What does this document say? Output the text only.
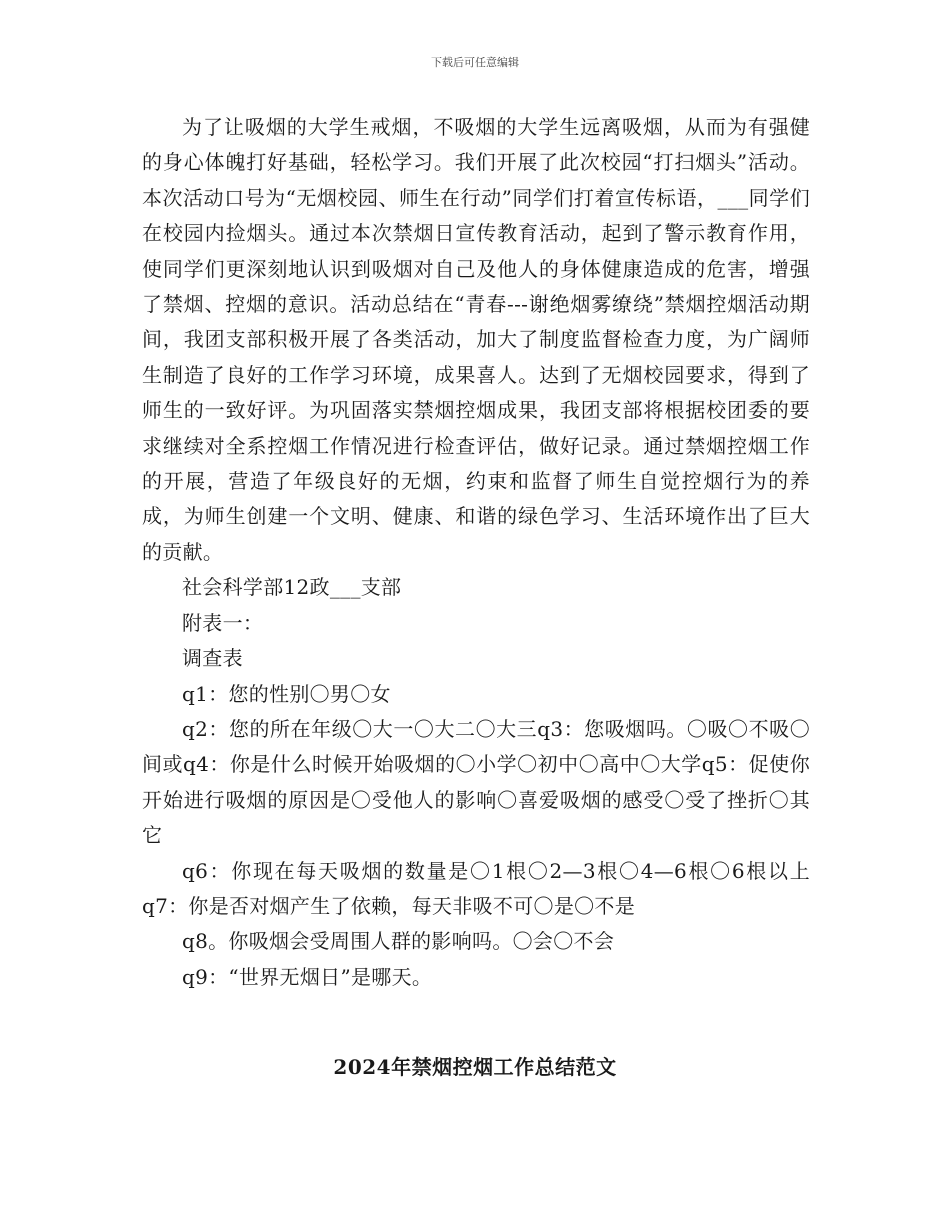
下载后可任意编辑

为了让吸烟的大学生戒烟，不吸烟的大学生远离吸烟，从而为有强健的身心体魄打好基础，轻松学习。我们开展了此次校园“打扫烟头”活动。本次活动口号为“无烟校园、师生在行动”同学们打着宣传标语，___同学们在校园内捡烟头。通过本次禁烟日宣传教育活动，起到了警示教育作用，使同学们更深刻地认识到吸烟对自己及他人的身体健康造成的危害，增强了禁烟、控烟的意识。活动总结在“青春---谢绝烟雾缭绕”禁烟控烟活动期间，我团支部积极开展了各类活动，加大了制度监督检查力度，为广阔师生制造了良好的工作学习环境，成果喜人。达到了无烟校园要求，得到了师生的一致好评。为巩固落实禁烟控烟成果，我团支部将根据校团委的要求继续对全系控烟工作情况进行检查评估，做好记录。通过禁烟控烟工作的开展，营造了年级良好的无烟，约束和监督了师生自觉控烟行为的养成，为师生创建一个文明、健康、和谐的绿色学习、生活环境作出了巨大的贡献。

社会科学部12政___支部

附表一：

调查表

q1：您的性别〇男〇女

q2：您的所在年级〇大一〇大二〇大三q3：您吸烟吗。〇吸〇不吸〇间或q4：你是什么时候开始吸烟的〇小学〇初中〇高中〇大学q5：促使你开始进行吸烟的原因是〇受他人的影响〇喜爱吸烟的感受〇受了挫折〇其它

q6：你现在每天吸烟的数量是〇1根〇2—3根〇4—6根〇6根以上q7：你是否对烟产生了依赖，每天非吸不可〇是〇不是

q8。你吸烟会受周围人群的影响吗。〇会〇不会

q9：“世界无烟日”是哪天。

2024年禁烟控烟工作总结范文
